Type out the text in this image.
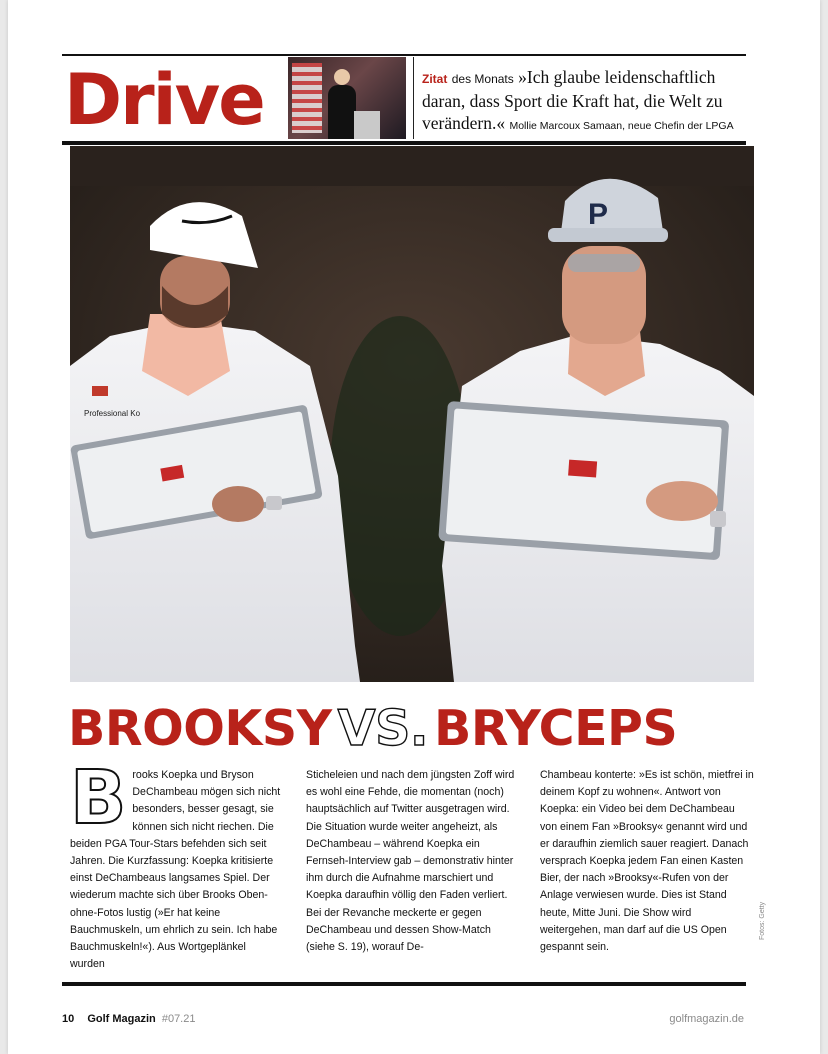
Drive	Zitat des Monats »Ich glaube leidenschaftlich daran, dass Sport die Kraft hat, die Welt zu verändern.« Mollie Marcoux Samaan, neue Chefin der LPGA
Professional Ko
P
BROOKSY VS. BRYCEPS
Brooks Koepka und Bryson DeChambeau mögen sich nicht besonders, besser gesagt, sie können sich nicht riechen. Die beiden PGA Tour-Stars befehden sich seit Jahren. Die Kurzfassung: Koepka kritisierte einst DeChambeaus langsames Spiel. Der wiederum machte sich über Brooks Oben-ohne-Fotos lustig (»Er hat keine Bauchmuskeln, um ehrlich zu sein. Ich habe Bauchmuskeln!«). Aus Wortgeplänkel wurden
Sticheleien und nach dem jüngsten Zoff wird es wohl eine Fehde, die momentan (noch) hauptsächlich auf Twitter ausgetragen wird. Die Situation wurde weiter angeheizt, als DeChambeau – während Koepka ein Fernseh-Interview gab – demonstrativ hinter ihm durch die Aufnahme marschiert und Koepka daraufhin völlig den Faden verliert. Bei der Revanche meckerte er gegen DeChambeau und dessen Show-Match (siehe S. 19), worauf De-
Chambeau konterte: »Es ist schön, mietfrei in deinem Kopf zu wohnen«. Antwort von Koepka: ein Video bei dem DeChambeau von einem Fan »Brooksy« genannt wird und er daraufhin ziemlich sauer reagiert. Danach versprach Koepka jedem Fan einen Kasten Bier, der nach »Brooksy«-Rufen von der Anlage verwiesen wurde. Dies ist Stand heute, Mitte Juni. Die Show wird weitergehen, man darf auf die US Open gespannt sein.
Fotos: Getty
10 Golf Magazin #07.21	golfmagazin.de
